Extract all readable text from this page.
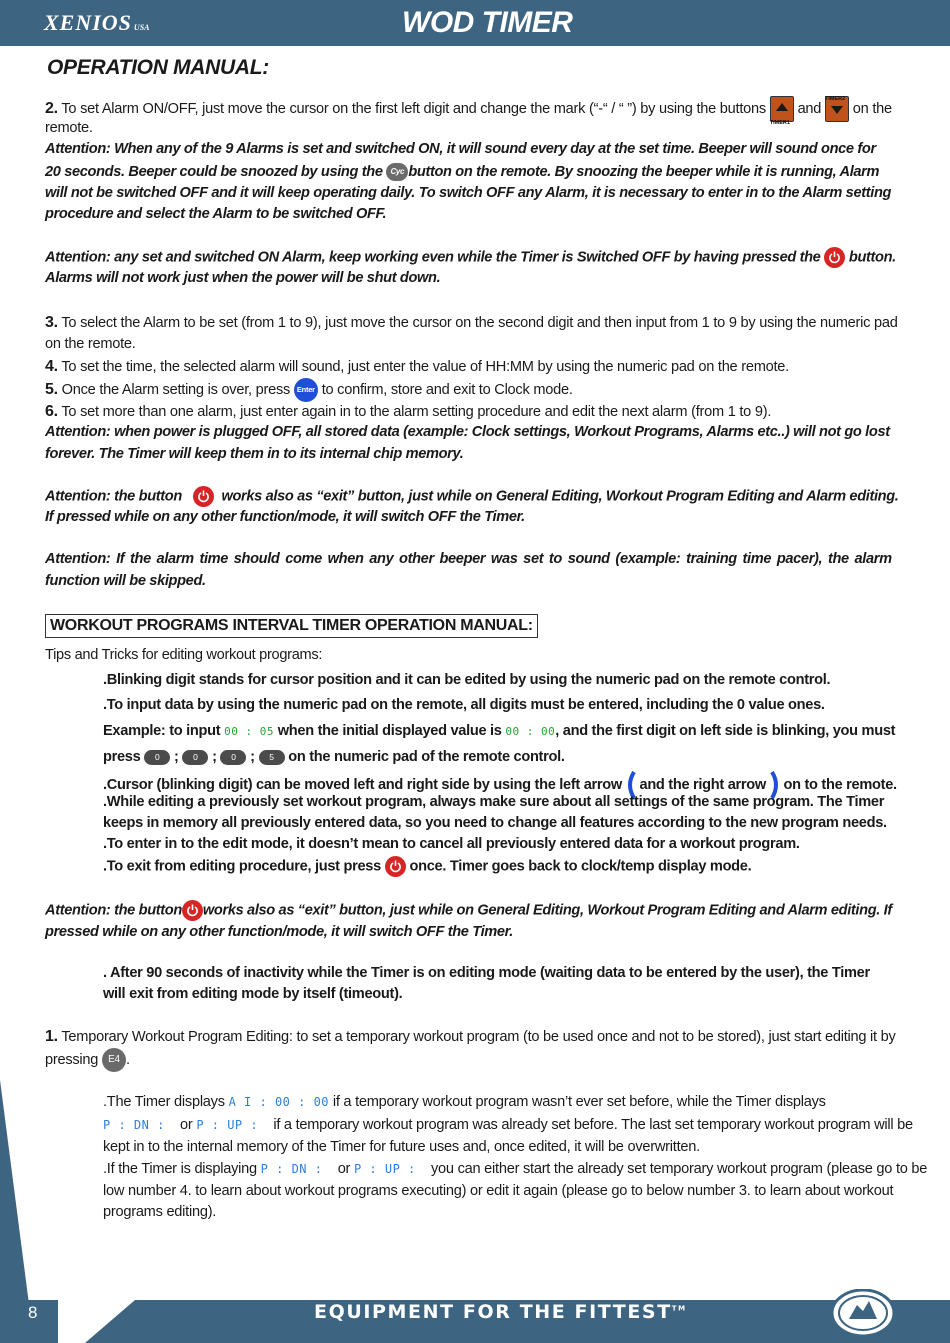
XENIOS USA	WOD TIMER
OPERATION MANUAL:
2. To set Alarm ON/OFF, just move the cursor on the first left digit and change the mark (“-“ / “ ”) by using the buttons
TIMER1
and
TIMER2
on the
remote.
Attention: When any of the 9 Alarms is set and switched ON, it will sound every day at the set time. Beeper will sound once for
20 seconds. Beeper could be snoozed by using the Cyc button on the remote. By snoozing the beeper while it is running, Alarm
will not be switched OFF and it will keep operating daily. To switch OFF any Alarm, it is necessary to enter in to the Alarm setting
procedure and select the Alarm to be switched OFF.
Attention: any set and switched ON Alarm, keep working even while the Timer is Switched OFF by having pressed the button.
Alarms will not work just when the power will be shut down.
3. To select the Alarm to be set (from 1 to 9), just move the cursor on the second digit and then input from 1 to 9 by using the numeric pad
on the remote.
4. To set the time, the selected alarm will sound, just enter the value of HH:MM by using the numeric pad on the remote.
5. Once the Alarm setting is over, press Enter to confirm, store and exit to Clock mode.
6. To set more than one alarm, just enter again in to the alarm setting procedure and edit the next alarm (from 1 to 9).
Attention: when power is plugged OFF, all stored data (example: Clock settings, Workout Programs, Alarms etc..) will not go lost
forever. The Timer will keep them in to its internal chip memory.
Attention: the button	works also as “exit” button, just while on General Editing, Workout Program Editing and Alarm editing.
If pressed while on any other function/mode, it will switch OFF the Timer.
Attention: If the alarm time should come when any other beeper was set to sound (example: training time pacer), the alarm
function will be skipped.
WORKOUT PROGRAMS INTERVAL TIMER OPERATION MANUAL:
Tips and Tricks for editing workout programs:
.Blinking digit stands for cursor position and it can be edited by using the numeric pad on the remote control.
.To input data by using the numeric pad on the remote, all digits must be entered, including the 0 value ones.
Example: to input 00 : 05 when the initial displayed value is 00 : 00, and the first digit on left side is blinking, you must
press 0 ; 0 ; 0 ; 5 on the numeric pad of the remote control.
.Cursor (blinking digit) can be moved left and right side by using the left arrow and the right arrow on to the remote.
.While editing a previously set workout program, always make sure about all settings of the same program. The Timer
keeps in memory all previously entered data, so you need to change all features according to the new program needs.
.To enter in to the edit mode, it doesn’t mean to cancel all previously entered data for a workout program.
.To exit from editing procedure, just press once. Timer goes back to clock/temp display mode.
Attention: the button works also as “exit” button, just while on General Editing, Workout Program Editing and Alarm editing. If
pressed while on any other function/mode, it will switch OFF the Timer.
. After 90 seconds of inactivity while the Timer is on editing mode (waiting data to be entered by the user), the Timer
will exit from editing mode by itself (timeout).
1. Temporary Workout Program Editing: to set a temporary workout program (to be used once and not to be stored), just start editing it by
pressing E4 .
.The Timer displays A I : 00 : 00 if a temporary workout program wasn’t ever set before, while the Timer displays
P : DN : or P : UP : if a temporary workout program was already set before. The last set temporary workout program will be
kept in to the internal memory of the Timer for future uses and, once edited, it will be overwritten.
.If the Timer is displaying P : DN : or P : UP : you can either start the already set temporary workout program (please go to be
low number 4. to learn about workout programs executing) or edit it again (please go to below number 3. to learn about workout
programs editing).
8	EQUIPMENT FOR THE FITTEST™
